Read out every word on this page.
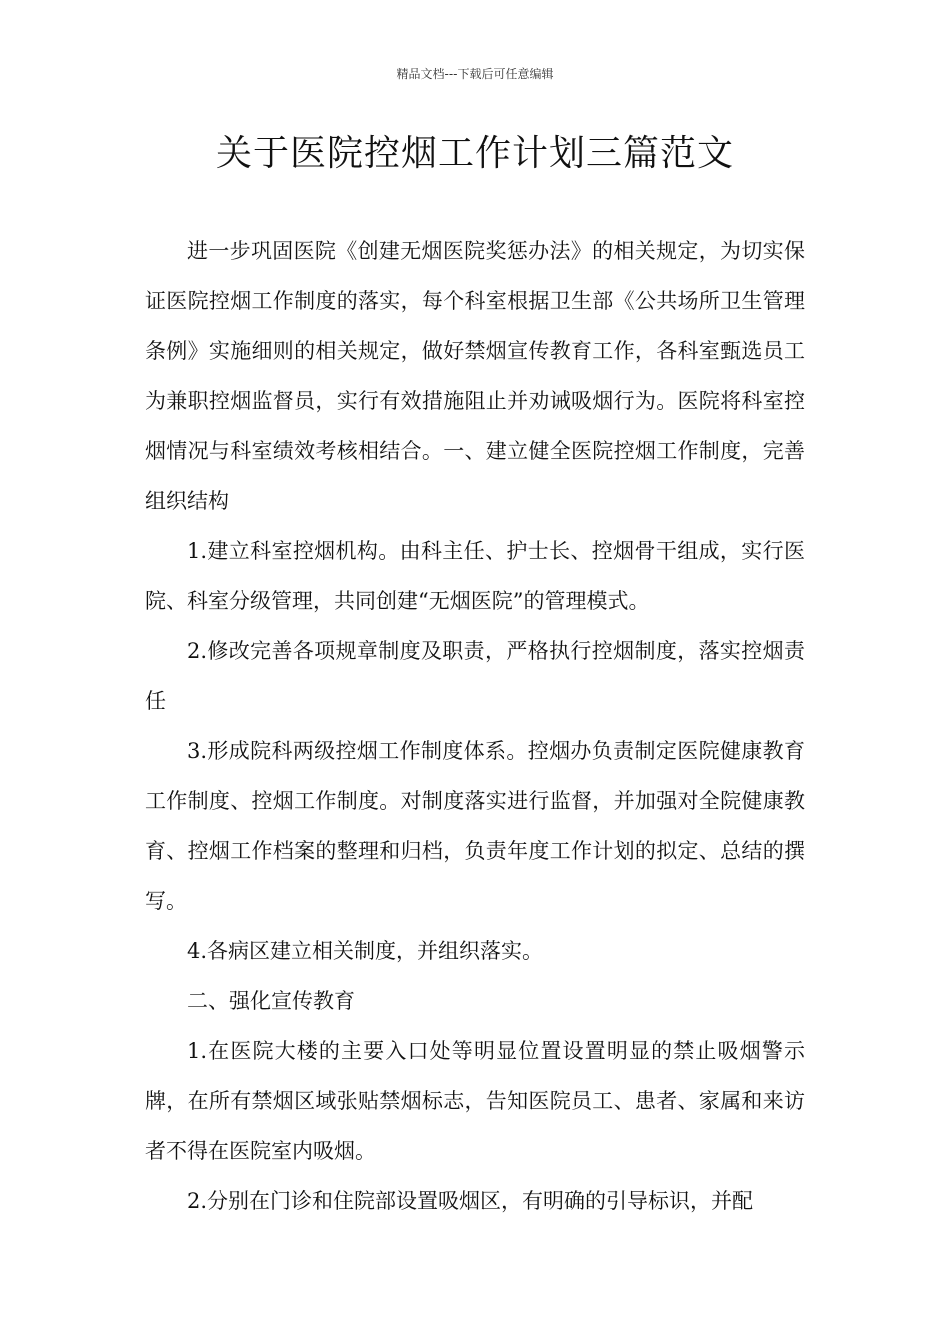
精品文档---下载后可任意编辑
关于医院控烟工作计划三篇范文

进一步巩固医院《创建无烟医院奖惩办法》的相关规定，为切实保证医院控烟工作制度的落实，每个科室根据卫生部《公共场所卫生管理条例》实施细则的相关规定，做好禁烟宣传教育工作，各科室甄选员工为兼职控烟监督员，实行有效措施阻止并劝诫吸烟行为。医院将科室控烟情况与科室绩效考核相结合。一、建立健全医院控烟工作制度，完善组织结构

1.建立科室控烟机构。由科主任、护士长、控烟骨干组成，实行医院、科室分级管理，共同创建“无烟医院”的管理模式。

2.修改完善各项规章制度及职责，严格执行控烟制度，落实控烟责任

3.形成院科两级控烟工作制度体系。控烟办负责制定医院健康教育工作制度、控烟工作制度。对制度落实进行监督，并加强对全院健康教育、控烟工作档案的整理和归档，负责年度工作计划的拟定、总结的撰写。

4.各病区建立相关制度，并组织落实。

二、强化宣传教育

1.在医院大楼的主要入口处等明显位置设置明显的禁止吸烟警示牌，在所有禁烟区域张贴禁烟标志，告知医院员工、患者、家属和来访者不得在医院室内吸烟。

2.分别在门诊和住院部设置吸烟区，有明确的引导标识，并配
